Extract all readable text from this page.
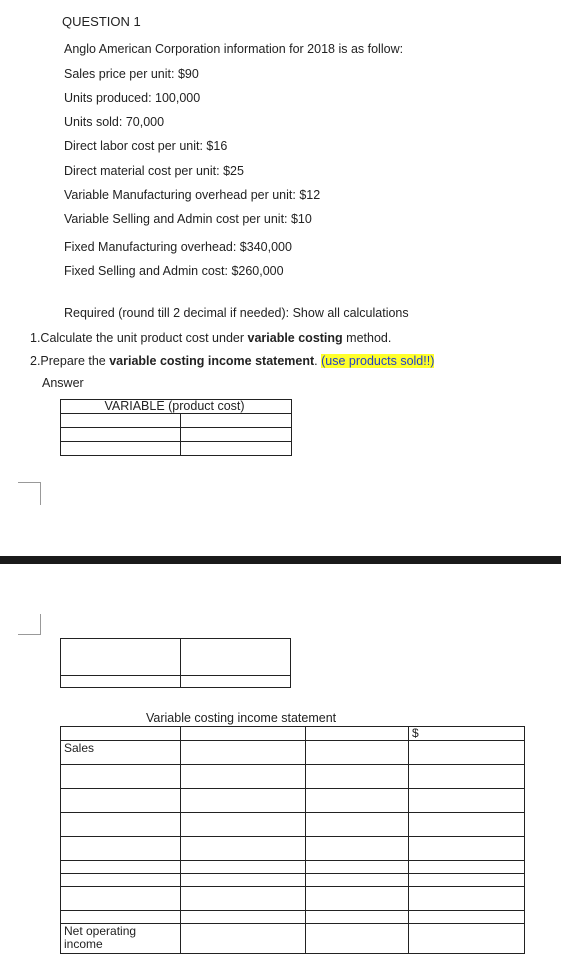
QUESTION 1
Anglo American Corporation information for 2018 is as follow:
Sales price per unit: $90
Units produced: 100,000
Units sold: 70,000
Direct labor cost per unit: $16
Direct material cost per unit: $25
Variable Manufacturing overhead per unit: $12
Variable Selling and Admin cost per unit: $10
Fixed Manufacturing overhead: $340,000
Fixed Selling and Admin cost: $260,000
Required (round till 2 decimal if needed): Show all calculations
1.Calculate the unit product cost under variable costing method.
2.Prepare the variable costing income statement. (use products sold!!)
Answer
VARIABLE (product cost)	

Variable costing income statement
			$
Sales			

Net operating income			
